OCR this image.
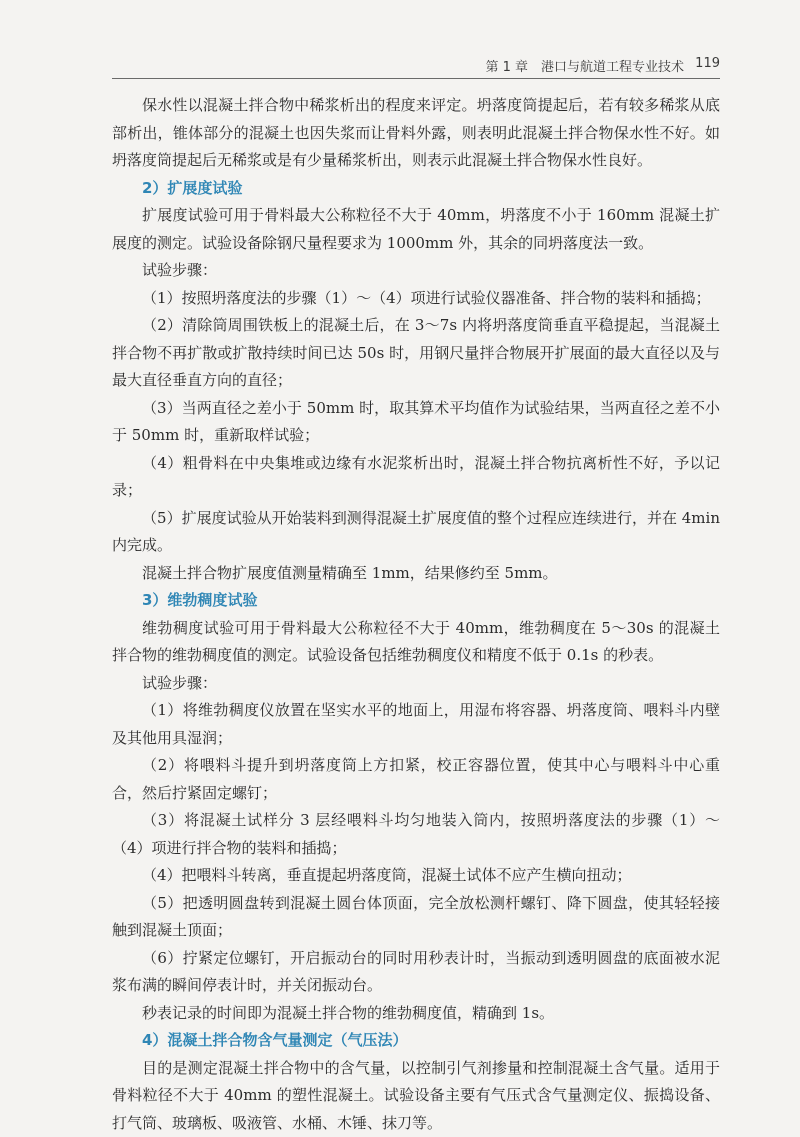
第 1 章　港口与航道工程专业技术 119

保水性以混凝土拌合物中稀浆析出的程度来评定。坍落度筒提起后，若有较多稀浆从底部析出，锥体部分的混凝土也因失浆而让骨料外露，则表明此混凝土拌合物保水性不好。如坍落度筒提起后无稀浆或是有少量稀浆析出，则表示此混凝土拌合物保水性良好。

2）扩展度试验

扩展度试验可用于骨料最大公称粒径不大于 40mm，坍落度不小于 160mm 混凝土扩展度的测定。试验设备除钢尺量程要求为 1000mm 外，其余的同坍落度法一致。

试验步骤：

（1）按照坍落度法的步骤（1）～（4）项进行试验仪器准备、拌合物的装料和插捣；

（2）清除筒周围铁板上的混凝土后，在 3～7s 内将坍落度筒垂直平稳提起，当混凝土拌合物不再扩散或扩散持续时间已达 50s 时，用钢尺量拌合物展开扩展面的最大直径以及与最大直径垂直方向的直径；

（3）当两直径之差小于 50mm 时，取其算术平均值作为试验结果，当两直径之差不小于 50mm 时，重新取样试验；

（4）粗骨料在中央集堆或边缘有水泥浆析出时，混凝土拌合物抗离析性不好，予以记录；

（5）扩展度试验从开始装料到测得混凝土扩展度值的整个过程应连续进行，并在 4min 内完成。

混凝土拌合物扩展度值测量精确至 1mm，结果修约至 5mm。

3）维勃稠度试验

维勃稠度试验可用于骨料最大公称粒径不大于 40mm，维勃稠度在 5～30s 的混凝土拌合物的维勃稠度值的测定。试验设备包括维勃稠度仪和精度不低于 0.1s 的秒表。

试验步骤：

（1）将维勃稠度仪放置在坚实水平的地面上，用湿布将容器、坍落度筒、喂料斗内壁及其他用具湿润；

（2）将喂料斗提升到坍落度筒上方扣紧，校正容器位置，使其中心与喂料斗中心重合，然后拧紧固定螺钉；

（3）将混凝土试样分 3 层经喂料斗均匀地装入筒内，按照坍落度法的步骤（1）～（4）项进行拌合物的装料和插捣；

（4）把喂料斗转离，垂直提起坍落度筒，混凝土试体不应产生横向扭动；

（5）把透明圆盘转到混凝土圆台体顶面，完全放松测杆螺钉、降下圆盘，使其轻轻接触到混凝土顶面；

（6）拧紧定位螺钉，开启振动台的同时用秒表计时，当振动到透明圆盘的底面被水泥浆布满的瞬间停表计时，并关闭振动台。

秒表记录的时间即为混凝土拌合物的维勃稠度值，精确到 1s。

4）混凝土拌合物含气量测定（气压法）

目的是测定混凝土拌合物中的含气量，以控制引气剂掺量和控制混凝土含气量。适用于骨料粒径不大于 40mm 的塑性混凝土。试验设备主要有气压式含气量测定仪、振捣设备、打气筒、玻璃板、吸液管、水桶、木锤、抹刀等。
